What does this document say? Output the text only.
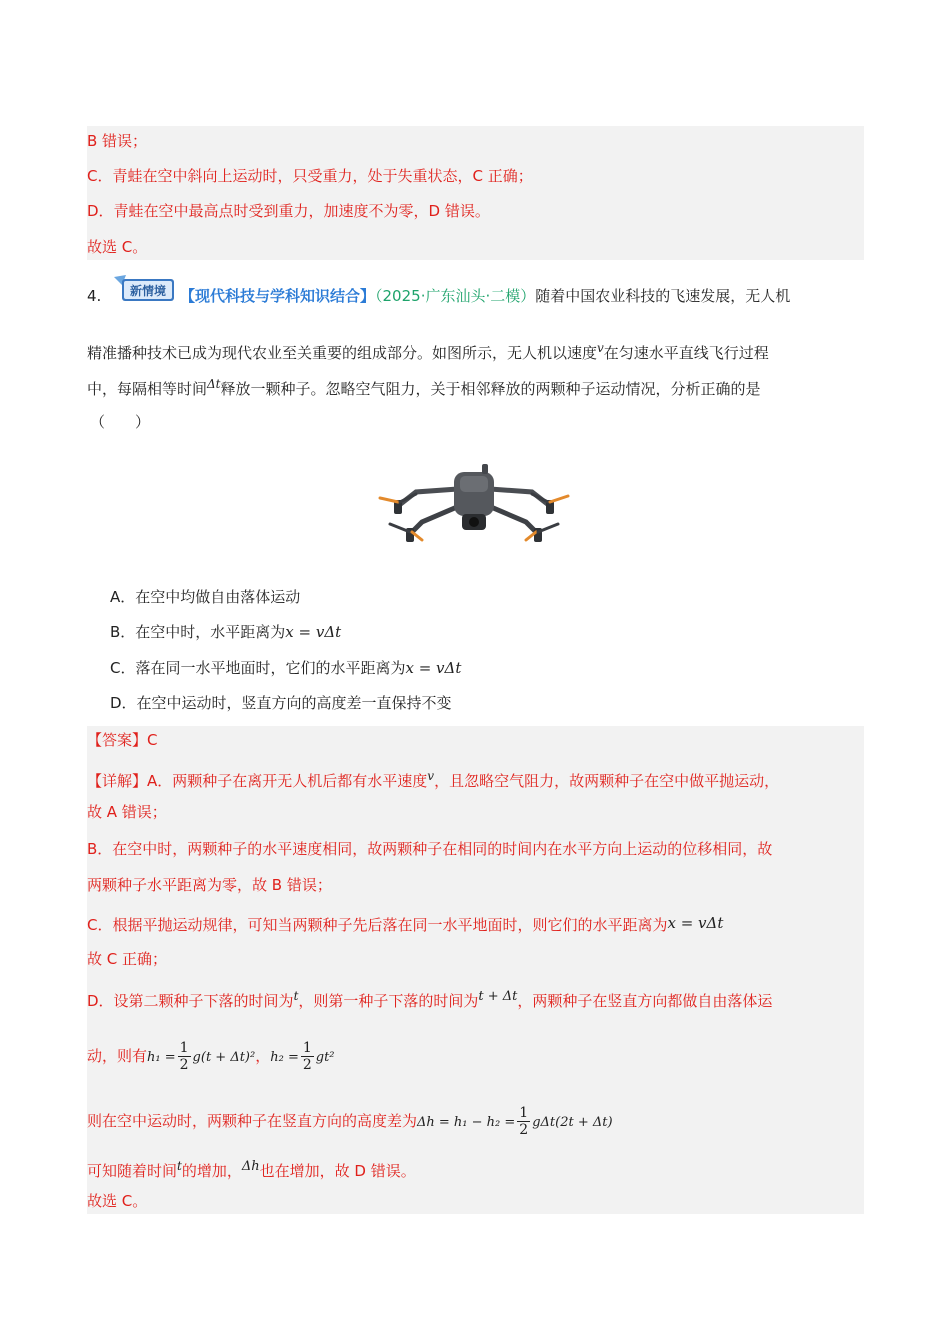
B 错误；
C．青蛙在空中斜向上运动时，只受重力，处于失重状态，C 正确；
D．青蛙在空中最高点时受到重力，加速度不为零，D 错误。
故选 C。
4. 新情境 【现代科技与学科知识结合】（2025·广东汕头·二模）随着中国农业科技的飞速发展，无人机
精准播种技术已成为现代农业至关重要的组成部分。如图所示，无人机以速度$^v$在匀速水平直线飞行过程
中，每隔相等时间$^{\Delta t}$释放一颗种子。忽略空气阻力，关于相邻释放的两颗种子运动情况，分析正确的是
（　　）
A．在空中均做自由落体运动
B．在空中时，水平距离为x = vΔt
C．落在同一水平地面时，它们的水平距离为x = vΔt
D．在空中运动时，竖直方向的高度差一直保持不变
【答案】C
【详解】A．两颗种子在离开无人机后都有水平速度$^v$，且忽略空气阻力，故两颗种子在空中做平抛运动，
故 A 错误；
B．在空中时，两颗种子的水平速度相同，故两颗种子在相同的时间内在水平方向上运动的位移相同，故
两颗种子水平距离为零，故 B 错误；
C．根据平抛运动规律，可知当两颗种子先后落在同一水平地面时，则它们的水平距离为x = vΔt
故 C 正确；
D．设第二颗种子下落的时间为$^t$，则第一种子下落的时间为t + Δt，两颗种子在竖直方向都做自由落体运
动，则有$h_1 = \frac{1}{2} g(t + \Delta t)^2$，$h_2 = \frac{1}{2} gt^2$
则在空中运动时，两颗种子在竖直方向的高度差为$\Delta h = h_1 - h_2 = \frac{1}{2} g\Delta t(2t + \Delta t)$
可知随着时间$^t$的增加，Δh也在增加，故 D 错误。
故选 C。
